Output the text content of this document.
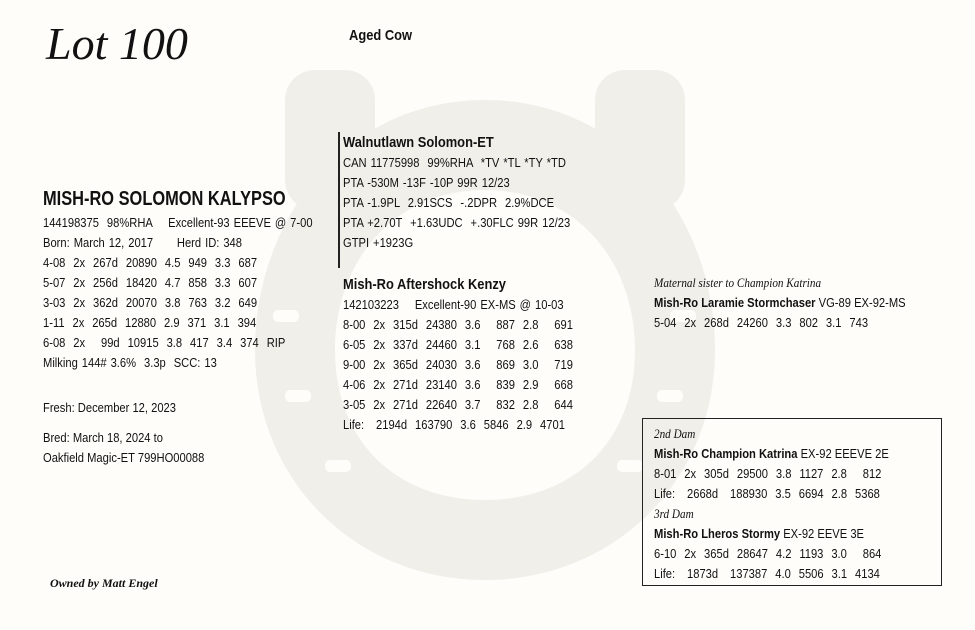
Lot 100	Aged Cow
MISH-RO SOLOMON KALYPSO
144198375  98%RHA    Excellent-93 EEEVE @ 7-00
Born: March 12, 2017      Herd ID: 348
4-08  2x  267d  20890  4.5  949  3.3  687
5-07  2x  256d  18420  4.7  858  3.3  607
3-03  2x  362d  20070  3.8  763  3.2  649
1-11  2x  265d  12880  2.9  371  3.1  394
6-08  2x    99d  10915  3.8  417  3.4  374  RIP
Milking 144# 3.6%  3.3p  SCC: 13
Fresh: December 12, 2023
Bred: March 18, 2024 to
Oakfield Magic-ET 799HO00088
Walnutlawn Solomon-ET
CAN 11775998  99%RHA  *TV *TL *TY *TD
PTA -530M -13F -10P 99R 12/23
PTA -1.9PL  2.91SCS  -.2DPR  2.9%DCE
PTA +2.70T  +1.63UDC  +.30FLC 99R 12/23
GTPI +1923G
Mish-Ro Aftershock Kenzy
142103223    Excellent-90 EX-MS @ 10-03
8-00  2x  315d  24380  3.6    887  2.8    691
6-05  2x  337d  24460  3.1    768  2.6    638
9-00  2x  365d  24030  3.6    869  3.0    719
4-06  2x  271d  23140  3.6    839  2.9    668
3-05  2x  271d  22640  3.7    832  2.8    644
Life:   2194d  163790  3.6  5846  2.9  4701
Maternal sister to Champion Katrina
Mish-Ro Laramie Stormchaser VG-89 EX-92-MS
5-04  2x  268d  24260  3.3  802  3.1  743
2nd Dam
Mish-Ro Champion Katrina EX-92 EEEVE 2E
8-01  2x  305d  29500  3.8  1127  2.8    812
Life:   2668d   188930  3.5  6694  2.8  5368
3rd Dam
Mish-Ro Lheros Stormy EX-92 EEVE 3E
6-10  2x  365d  28647  4.2  1193  3.0    864
Life:   1873d   137387  4.0  5506  3.1  4134
Owned by Matt Engel
